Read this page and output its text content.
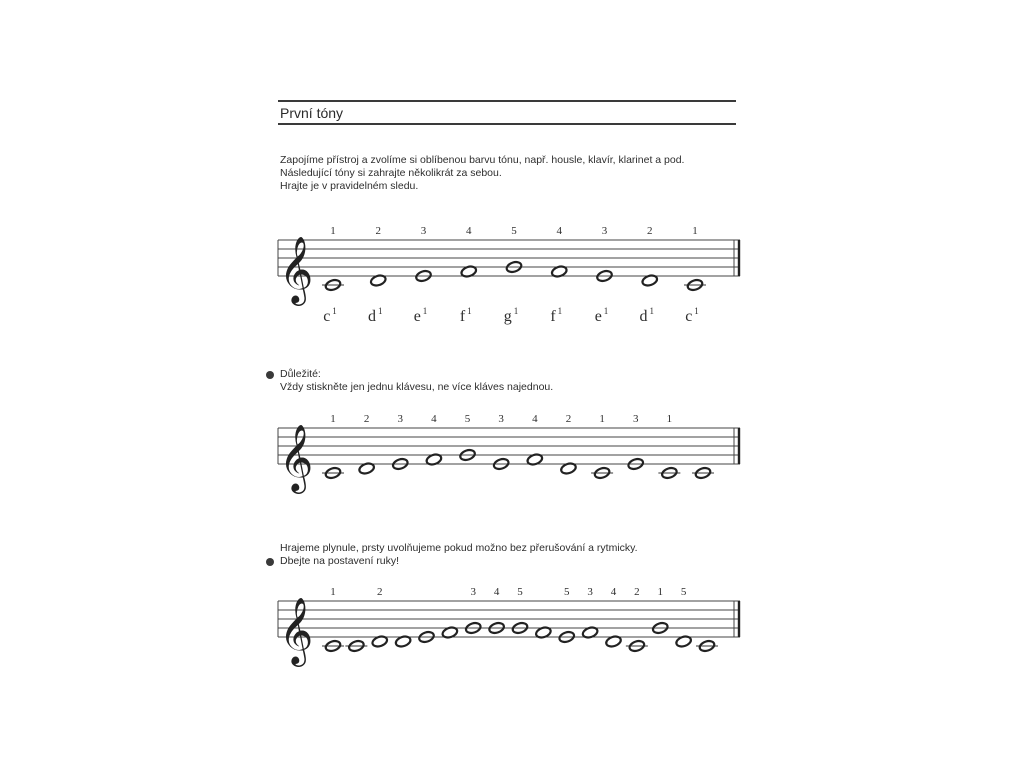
První tóny
Zapojíme přístroj a zvolíme si oblíbenou barvu tónu, např. housle, klavír, klarinet a pod.
Následující tóny si zahrajte několikrát za sebou.
Hrajte je v pravidelném sledu.
𝄞
1	2	3	4	5	4	3	2	1
c $^1$ d $^1$ e $^1$ f $^1$ g $^1$ f $^1$ e $^1$ d $^1$ c $^1$
Důležité:
Vždy stiskněte jen jednu klávesu, ne více kláves najednou.
𝄞
1	2	3	4	5	3	4	2	1	3	1
Hrajeme plynule, prsty uvolňujeme pokud možno bez přerušování a rytmicky.
Dbejte na postavení ruky!
𝄞
1	2	3 4 5	5 3 4 2 1 5
